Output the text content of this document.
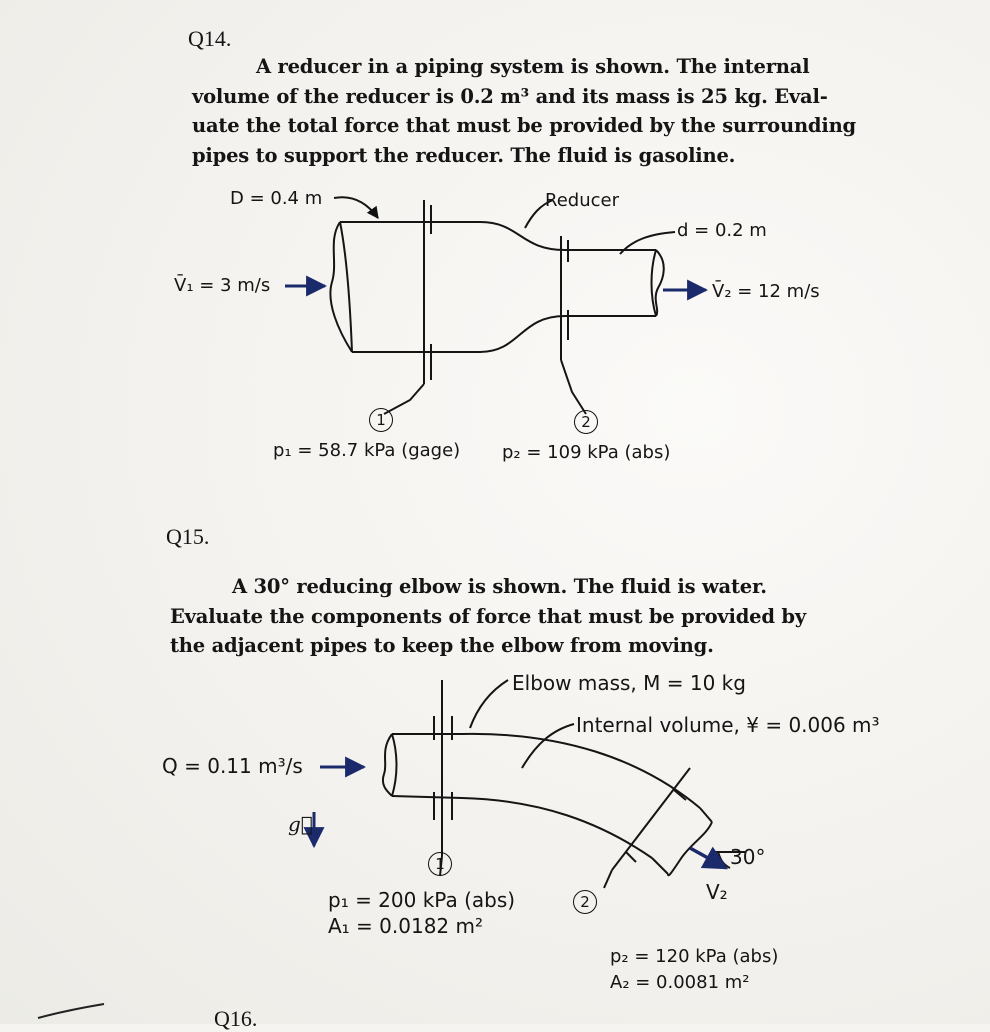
Q14.
A reducer in a piping system is shown. The internal
volume of the reducer is 0.2 m³ and its mass is 25 kg. Eval-
uate the total force that must be provided by the surrounding
pipes to support the reducer. The fluid is gasoline.
D = 0.4 m	Reducer
d = 0.2 m
V̄₁ = 3 m/s	V̄₂ = 12 m/s
1	2
p₁ = 58.7 kPa (gage) p₂ = 109 kPa (abs)
Q15.
A 30° reducing elbow is shown. The fluid is water.
Evaluate the components of force that must be provided by
the adjacent pipes to keep the elbow from moving.
Elbow mass, M = 10 kg
Internal volume, ¥ = 0.006 m³
Q = 0.11 m³/s
g⃗
1
2
30°
V₂
p₁ = 200 kPa (abs)
A₁ = 0.0182 m²
p₂ = 120 kPa (abs)
A₂ = 0.0081 m²
Q16.
